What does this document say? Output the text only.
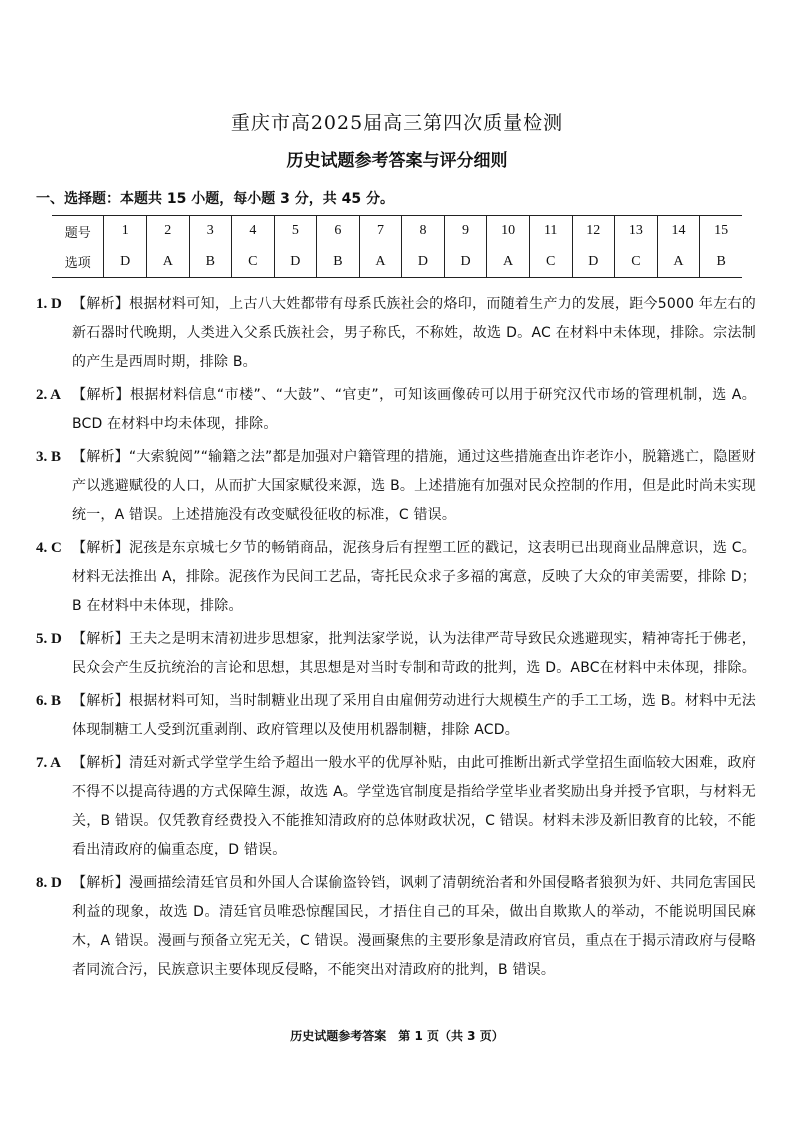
重庆市高2025届高三第四次质量检测
历史试题参考答案与评分细则
一、选择题：本题共 15 小题，每小题 3 分，共 45 分。
题号	1	2	3	4	5	6	7	8	9	10	11	12	13	14	15
选项	D	A	B	C	D	B	A	D	D	A	C	D	C	A	B
1. D 【解析】根据材料可知，上古八大姓都带有母系氏族社会的烙印，而随着生产力的发展，距今5000 年左右的新石器时代晚期，人类进入父系氏族社会，男子称氏，不称姓，故选 D。AC 在材料中未体现，排除。宗法制的产生是西周时期，排除 B。
2. A 【解析】根据材料信息“市楼”、“大鼓”、“官吏”，可知该画像砖可以用于研究汉代市场的管理机制，选 A。BCD 在材料中均未体现，排除。
3. B 【解析】“大索貌阅”“输籍之法”都是加强对户籍管理的措施，通过这些措施查出诈老诈小，脱籍逃亡，隐匿财产以逃避赋役的人口，从而扩大国家赋役来源，选 B。上述措施有加强对民众控制的作用，但是此时尚未实现统一，A 错误。上述措施没有改变赋役征收的标准，C 错误。
4. C 【解析】泥孩是东京城七夕节的畅销商品，泥孩身后有捏塑工匠的戳记，这表明已出现商业品牌意识，选 C。材料无法推出 A，排除。泥孩作为民间工艺品，寄托民众求子多福的寓意，反映了大众的审美需要，排除 D；B 在材料中未体现，排除。
5. D 【解析】王夫之是明末清初进步思想家，批判法家学说，认为法律严苛导致民众逃避现实，精神寄托于佛老，民众会产生反抗统治的言论和思想，其思想是对当时专制和苛政的批判，选 D。ABC在材料中未体现，排除。
6. B 【解析】根据材料可知，当时制糖业出现了采用自由雇佣劳动进行大规模生产的手工工场，选 B。材料中无法体现制糖工人受到沉重剥削、政府管理以及使用机器制糖，排除 ACD。
7. A 【解析】清廷对新式学堂学生给予超出一般水平的优厚补贴，由此可推断出新式学堂招生面临较大困难，政府不得不以提高待遇的方式保障生源，故选 A。学堂选官制度是指给学堂毕业者奖励出身并授予官职，与材料无关，B 错误。仅凭教育经费投入不能推知清政府的总体财政状况，C 错误。材料未涉及新旧教育的比较，不能看出清政府的偏重态度，D 错误。
8. D 【解析】漫画描绘清廷官员和外国人合谋偷盗铃铛，讽刺了清朝统治者和外国侵略者狼狈为奸、共同危害国民利益的现象，故选 D。清廷官员唯恐惊醒国民，才捂住自己的耳朵，做出自欺欺人的举动，不能说明国民麻木，A 错误。漫画与预备立宪无关，C 错误。漫画聚焦的主要形象是清政府官员，重点在于揭示清政府与侵略者同流合污，民族意识主要体现反侵略，不能突出对清政府的批判，B 错误。
历史试题参考答案　第 1 页（共 3 页）
